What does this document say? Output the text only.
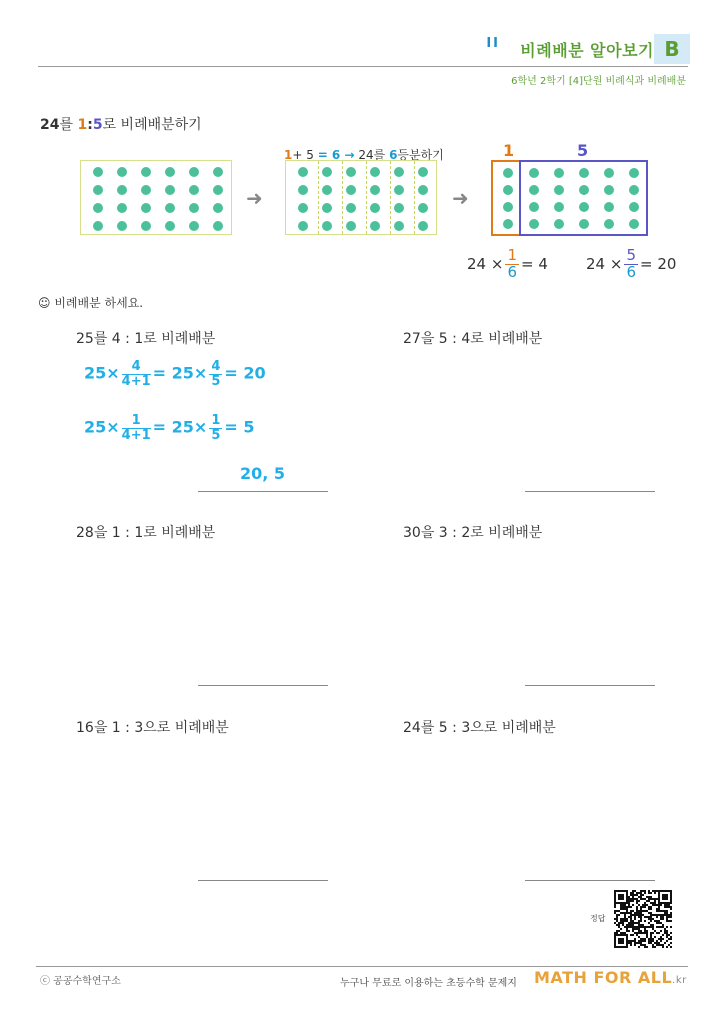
II 비례배분 알아보기 B
6학년 2학기 [4]단원 비례식과 비례배분
24를 1:5로 비례배분하기
➜
1+ 5 = 6 → 24를 6등분하기
➜
1	5
$24 \times \frac{1}{6} = 4$	$24 \times \frac{5}{6} = 20$
☺ 비례배분 하세요.
25를 4 : 1로 비례배분	27을 5 : 4로 비례배분
28을 1 : 1로 비례배분	30을 3 : 2로 비례배분
16을 1 : 3으로 비례배분	24를 5 : 3으로 비례배분
$25\times \frac{4}{4+1} = 25\times \frac{4}{5} = 20$
$25\times \frac{1}{4+1} = 25\times \frac{1}{5} = 5$
20, 5
정답
ⓒ 공공수학연구소	누구나 무료로 이용하는 초등수학 문제지 MATH FOR ALL.kr
